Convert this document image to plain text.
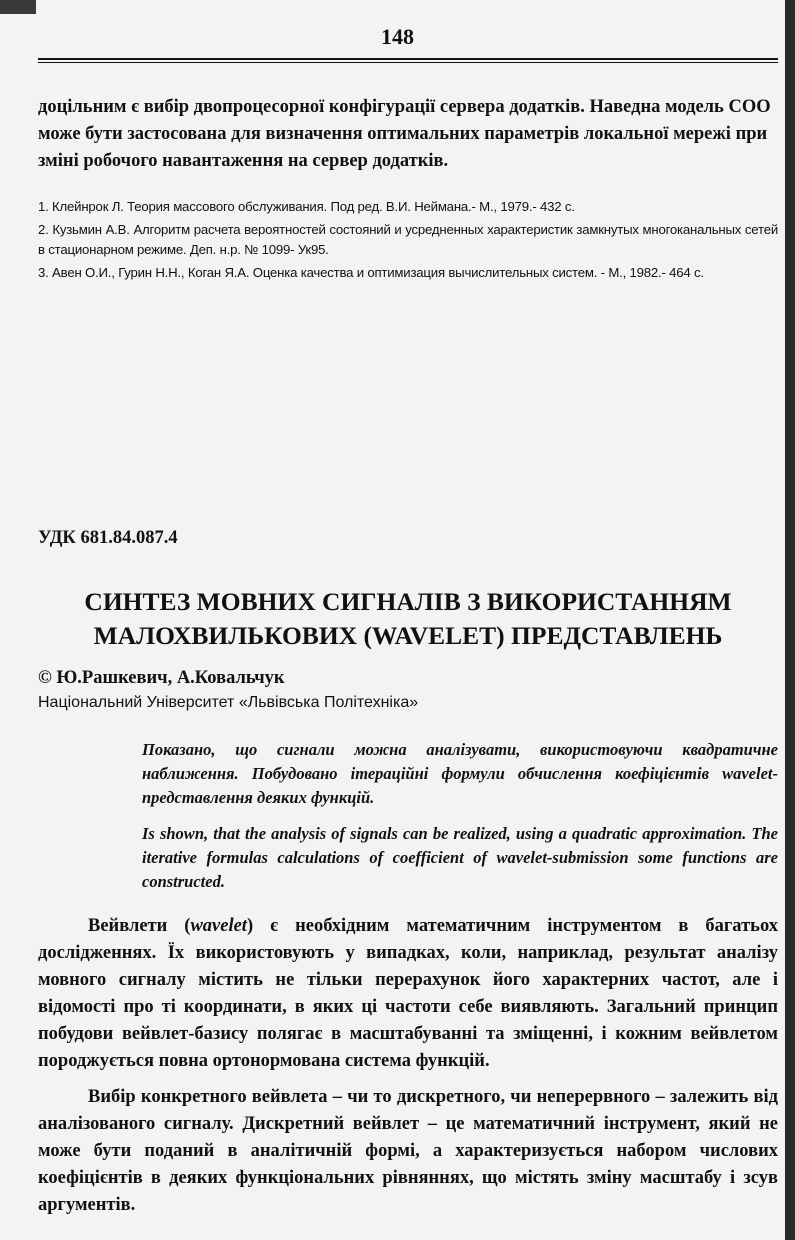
148
доцільним є вибір двопроцесорної конфігурації сервера додатків. Наведна модель СОО може бути застосована для визначення оптимальних параметрів локальної мережі при зміні робочого навантаження на сервер додатків.

1. Клейнрок Л. Теория массового обслуживания. Под ред. В.И. Неймана.- М., 1979.- 432 с.

2. Кузьмин А.В. Алгоритм расчета вероятностей состояний и усредненных характеристик замкнутых многоканальных сетей в стационарном режиме. Деп. н.р. № 1099- Ук95.

3. Авен О.И., Гурин Н.Н., Коган Я.А. Оценка качества и оптимизация вычислительных систем. - М., 1982.- 464 с.

УДК 681.84.087.4
СИНТЕЗ МОВНИХ СИГНАЛІВ З ВИКОРИСТАННЯМ
МАЛОХВИЛЬКОВИХ (WAVELET) ПРЕДСТАВЛЕНЬ
© Ю.Рашкевич, А.Ковальчук
Національний Університет «Львівська Політехніка»
Показано, що сигнали можна аналізувати, використовуючи квадратичне наближення. Побудовано ітераційні формули обчислення коефіцієнтів wavelet-представлення деяких функцій.
Is shown, that the analysis of signals can be realized, using a quadratic approximation. The iterative formulas calculations of coefficient of wavelet-submission some functions are constructed.

Вейвлети (wavelet) є необхідним математичним інструментом в багатьох дослідженнях. Їх використовують у випадках, коли, наприклад, результат аналізу мовного сигналу містить не тільки перерахунок його характерних частот, але і відомості про ті координати, в яких ці частоти себе виявляють. Загальний принцип побудови вейвлет-базису полягає в масштабуванні та зміщенні, і кожним вейвлетом породжується повна ортонормована система функцій.

Вибір конкретного вейвлета – чи то дискретного, чи неперервного – залежить від аналізованого сигналу. Дискретний вейвлет – це математичний інструмент, який не може бути поданий в аналітичній формі, а характеризується набором числових коефіцієнтів в деяких функціональних рівняннях, що містять зміну масштабу і зсув аргументів.
